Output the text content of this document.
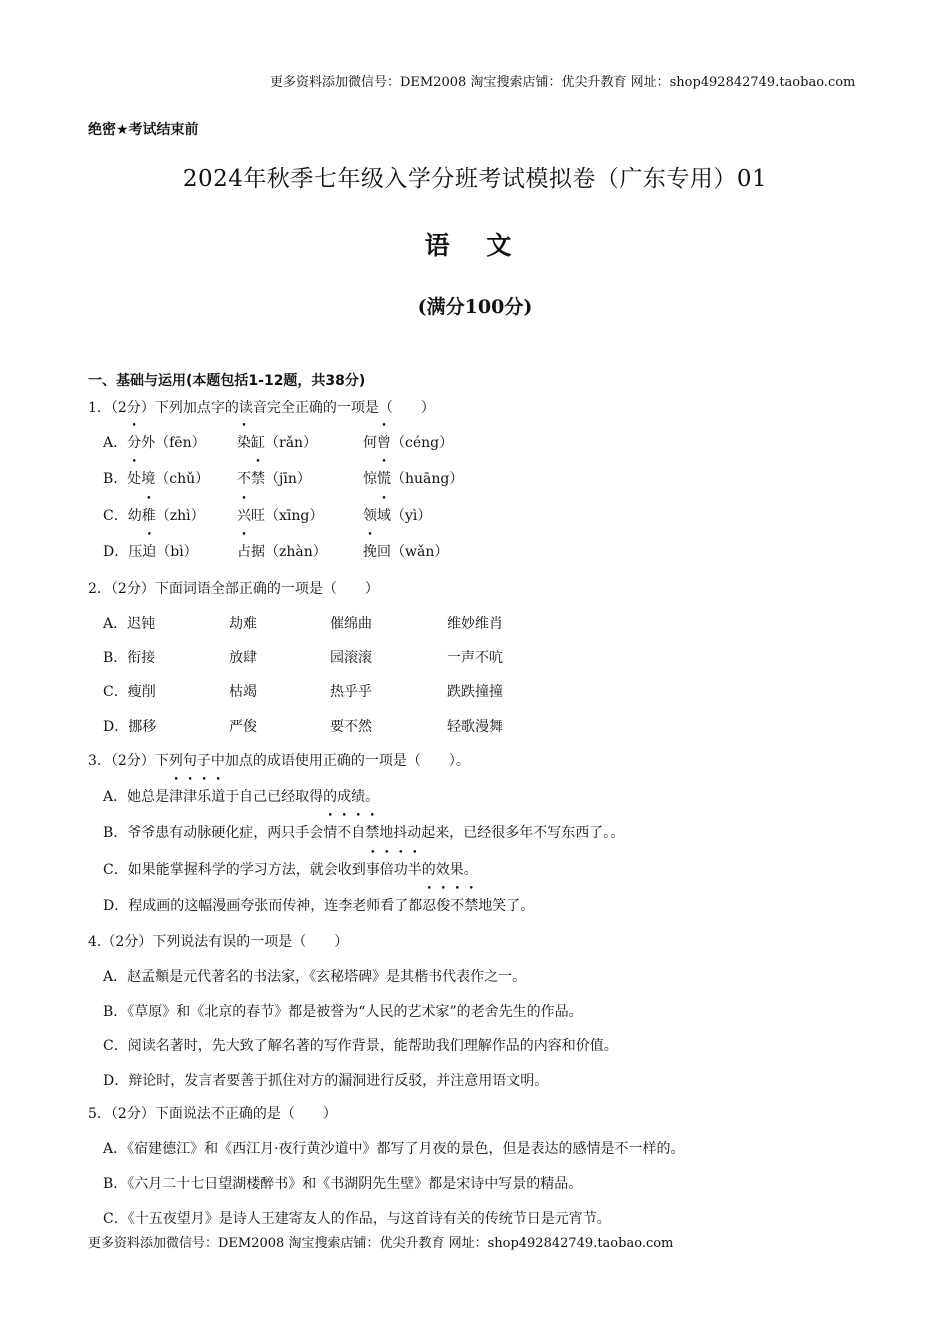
更多资料添加微信号：DEM2008 淘宝搜索店铺：优尖升教育 网址：shop492842749.taobao.com
绝密★考试结束前
2024年秋季七年级入学分班考试模拟卷（广东专用）01
语 文
(满分100分)
一、基础与运用(本题包括1-12题，共38分)
1．（2分）下列加点字的读音完全正确的一项是（　　）
A．分外（fēn） 染缸（rǎn）	何曾（céng）
B．处境（chǔ） 不禁（jīn）	惊慌（huāng）
C．幼稚（zhì） 兴旺（xīng）	领域（yì）
D．压迫（bì）	占据（zhàn）	挽回（wǎn）
2．（2分）下面词语全部正确的一项是（　　）
A．迟钝	劫难	催绵曲	维妙维肖
B．衔接	放肆	园滚滚	一声不吭
C．瘦削	枯竭	热乎乎	跌跌撞撞
D．挪移	严俊	要不然	轻歌漫舞
3．（2分）下列句子中加点的成语使用正确的一项是（　　）。
A．她总是津津乐道于自己已经取得的成绩。
B．爷爷患有动脉硬化症，两只手会情不自禁地抖动起来，已经很多年不写东西了。。
C．如果能掌握科学的学习方法，就会收到事倍功半的效果。
D．程成画的这幅漫画夸张而传神，连李老师看了都忍俊不禁地笑了。
4.（2分）下列说法有误的一项是（　　）
A．赵孟頫是元代著名的书法家，《玄秘塔碑》是其楷书代表作之一。
B．《草原》和《北京的春节》都是被誉为“人民的艺术家”的老舍先生的作品。
C．阅读名著时，先大致了解名著的写作背景，能帮助我们理解作品的内容和价值。
D．辩论时，发言者要善于抓住对方的漏洞进行反驳，并注意用语文明。
5．（2分）下面说法不正确的是（　　）
A．《宿建德江》和《西江月·夜行黄沙道中》都写了月夜的景色，但是表达的感情是不一样的。
B．《六月二十七日望湖楼醉书》和《书湖阴先生壁》都是宋诗中写景的精品。
C．《十五夜望月》是诗人王建寄友人的作品，与这首诗有关的传统节日是元宵节。
更多资料添加微信号：DEM2008 淘宝搜索店铺：优尖升教育 网址：shop492842749.taobao.com
